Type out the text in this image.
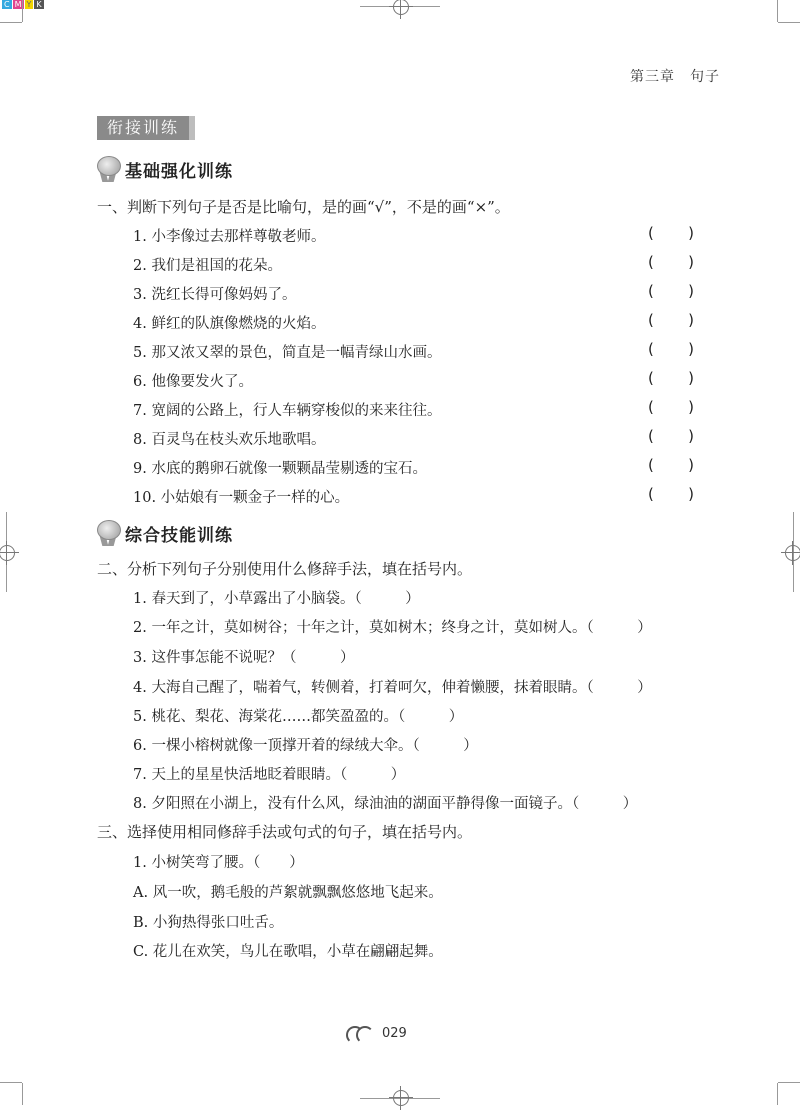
C M Y K
第三章　句子
衔接训练
基础强化训练
一、判断下列句子是否是比喻句，是的画“√”，不是的画“×”。
1. 小李像过去那样尊敬老师。	( )
2. 我们是祖国的花朵。	( )
3. 洗红长得可像妈妈了。	( )
4. 鲜红的队旗像燃烧的火焰。	( )
5. 那又浓又翠的景色，简直是一幅青绿山水画。	( )
6. 他像要发火了。	( )
7. 宽阔的公路上，行人车辆穿梭似的来来往往。	( )
8. 百灵鸟在枝头欢乐地歌唱。	( )
9. 水底的鹅卵石就像一颗颗晶莹剔透的宝石。	( )
10. 小姑娘有一颗金子一样的心。	( )
综合技能训练
二、分析下列句子分别使用什么修辞手法，填在括号内。
1. 春天到了，小草露出了小脑袋。（　　　）
2. 一年之计，莫如树谷；十年之计，莫如树木；终身之计，莫如树人。（　　　）
3. 这件事怎能不说呢？（　　　）
4. 大海自己醒了，喘着气，转侧着，打着呵欠，伸着懒腰，抹着眼睛。（　　　）
5. 桃花、梨花、海棠花……都笑盈盈的。（　　　）
6. 一棵小榕树就像一顶撑开着的绿绒大伞。（　　　）
7. 天上的星星快活地眨着眼睛。（　　　）
8. 夕阳照在小湖上，没有什么风，绿油油的湖面平静得像一面镜子。（　　　）
三、选择使用相同修辞手法或句式的句子，填在括号内。
1. 小树笑弯了腰。（　　）
A. 风一吹，鹅毛般的芦絮就飘飘悠悠地飞起来。
B. 小狗热得张口吐舌。
C. 花儿在欢笑，鸟儿在歌唱，小草在翩翩起舞。
029
